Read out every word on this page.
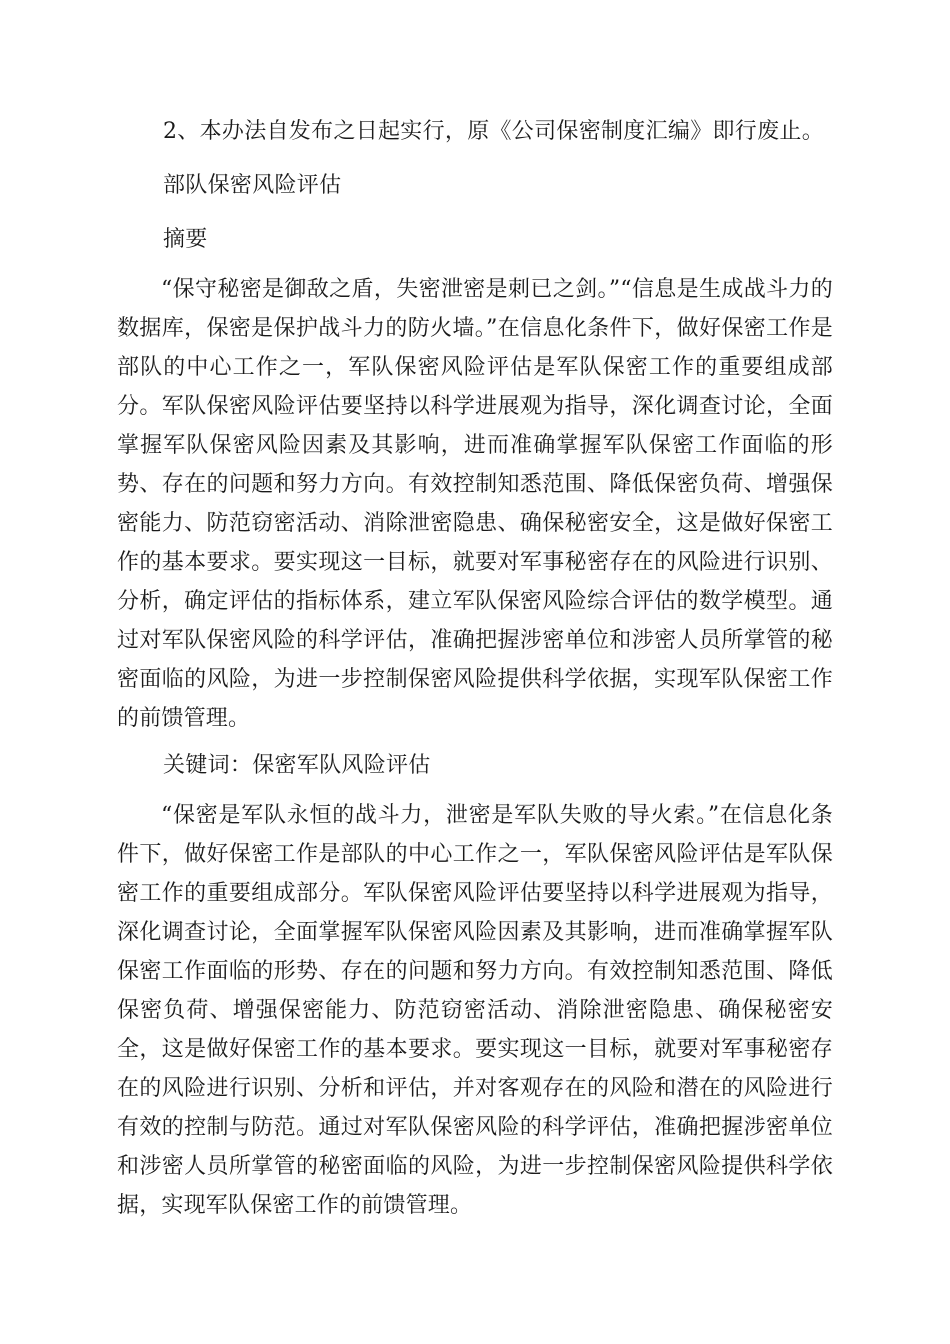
2、本办法自发布之日起实行，原《公司保密制度汇编》即行废止。
部队保密风险评估
摘要

“保守秘密是御敌之盾，失密泄密是刺已之剑。”“信息是生成战斗力的数据库，保密是保护战斗力的防火墙。”在信息化条件下，做好保密工作是部队的中心工作之一，军队保密风险评估是军队保密工作的重要组成部分。军队保密风险评估要坚持以科学进展观为指导，深化调查讨论，全面掌握军队保密风险因素及其影响，进而准确掌握军队保密工作面临的形势、存在的问题和努力方向。有效控制知悉范围、降低保密负荷、增强保密能力、防范窃密活动、消除泄密隐患、确保秘密安全，这是做好保密工作的基本要求。要实现这一目标，就要对军事秘密存在的风险进行识别、分析，确定评估的指标体系，建立军队保密风险综合评估的数学模型。通过对军队保密风险的科学评估，准确把握涉密单位和涉密人员所掌管的秘密面临的风险，为进一步控制保密风险提供科学依据，实现军队保密工作的前馈管理。

关键词：保密军队风险评估

“保密是军队永恒的战斗力，泄密是军队失败的导火索。”在信息化条件下，做好保密工作是部队的中心工作之一，军队保密风险评估是军队保密工作的重要组成部分。军队保密风险评估要坚持以科学进展观为指导，深化调查讨论，全面掌握军队保密风险因素及其影响，进而准确掌握军队保密工作面临的形势、存在的问题和努力方向。有效控制知悉范围、降低保密负荷、增强保密能力、防范窃密活动、消除泄密隐患、确保秘密安全，这是做好保密工作的基本要求。要实现这一目标，就要对军事秘密存在的风险进行识别、分析和评估，并对客观存在的风险和潜在的风险进行有效的控制与防范。通过对军队保密风险的科学评估，准确把握涉密单位和涉密人员所掌管的秘密面临的风险，为进一步控制保密风险提供科学依据，实现军队保密工作的前馈管理。
